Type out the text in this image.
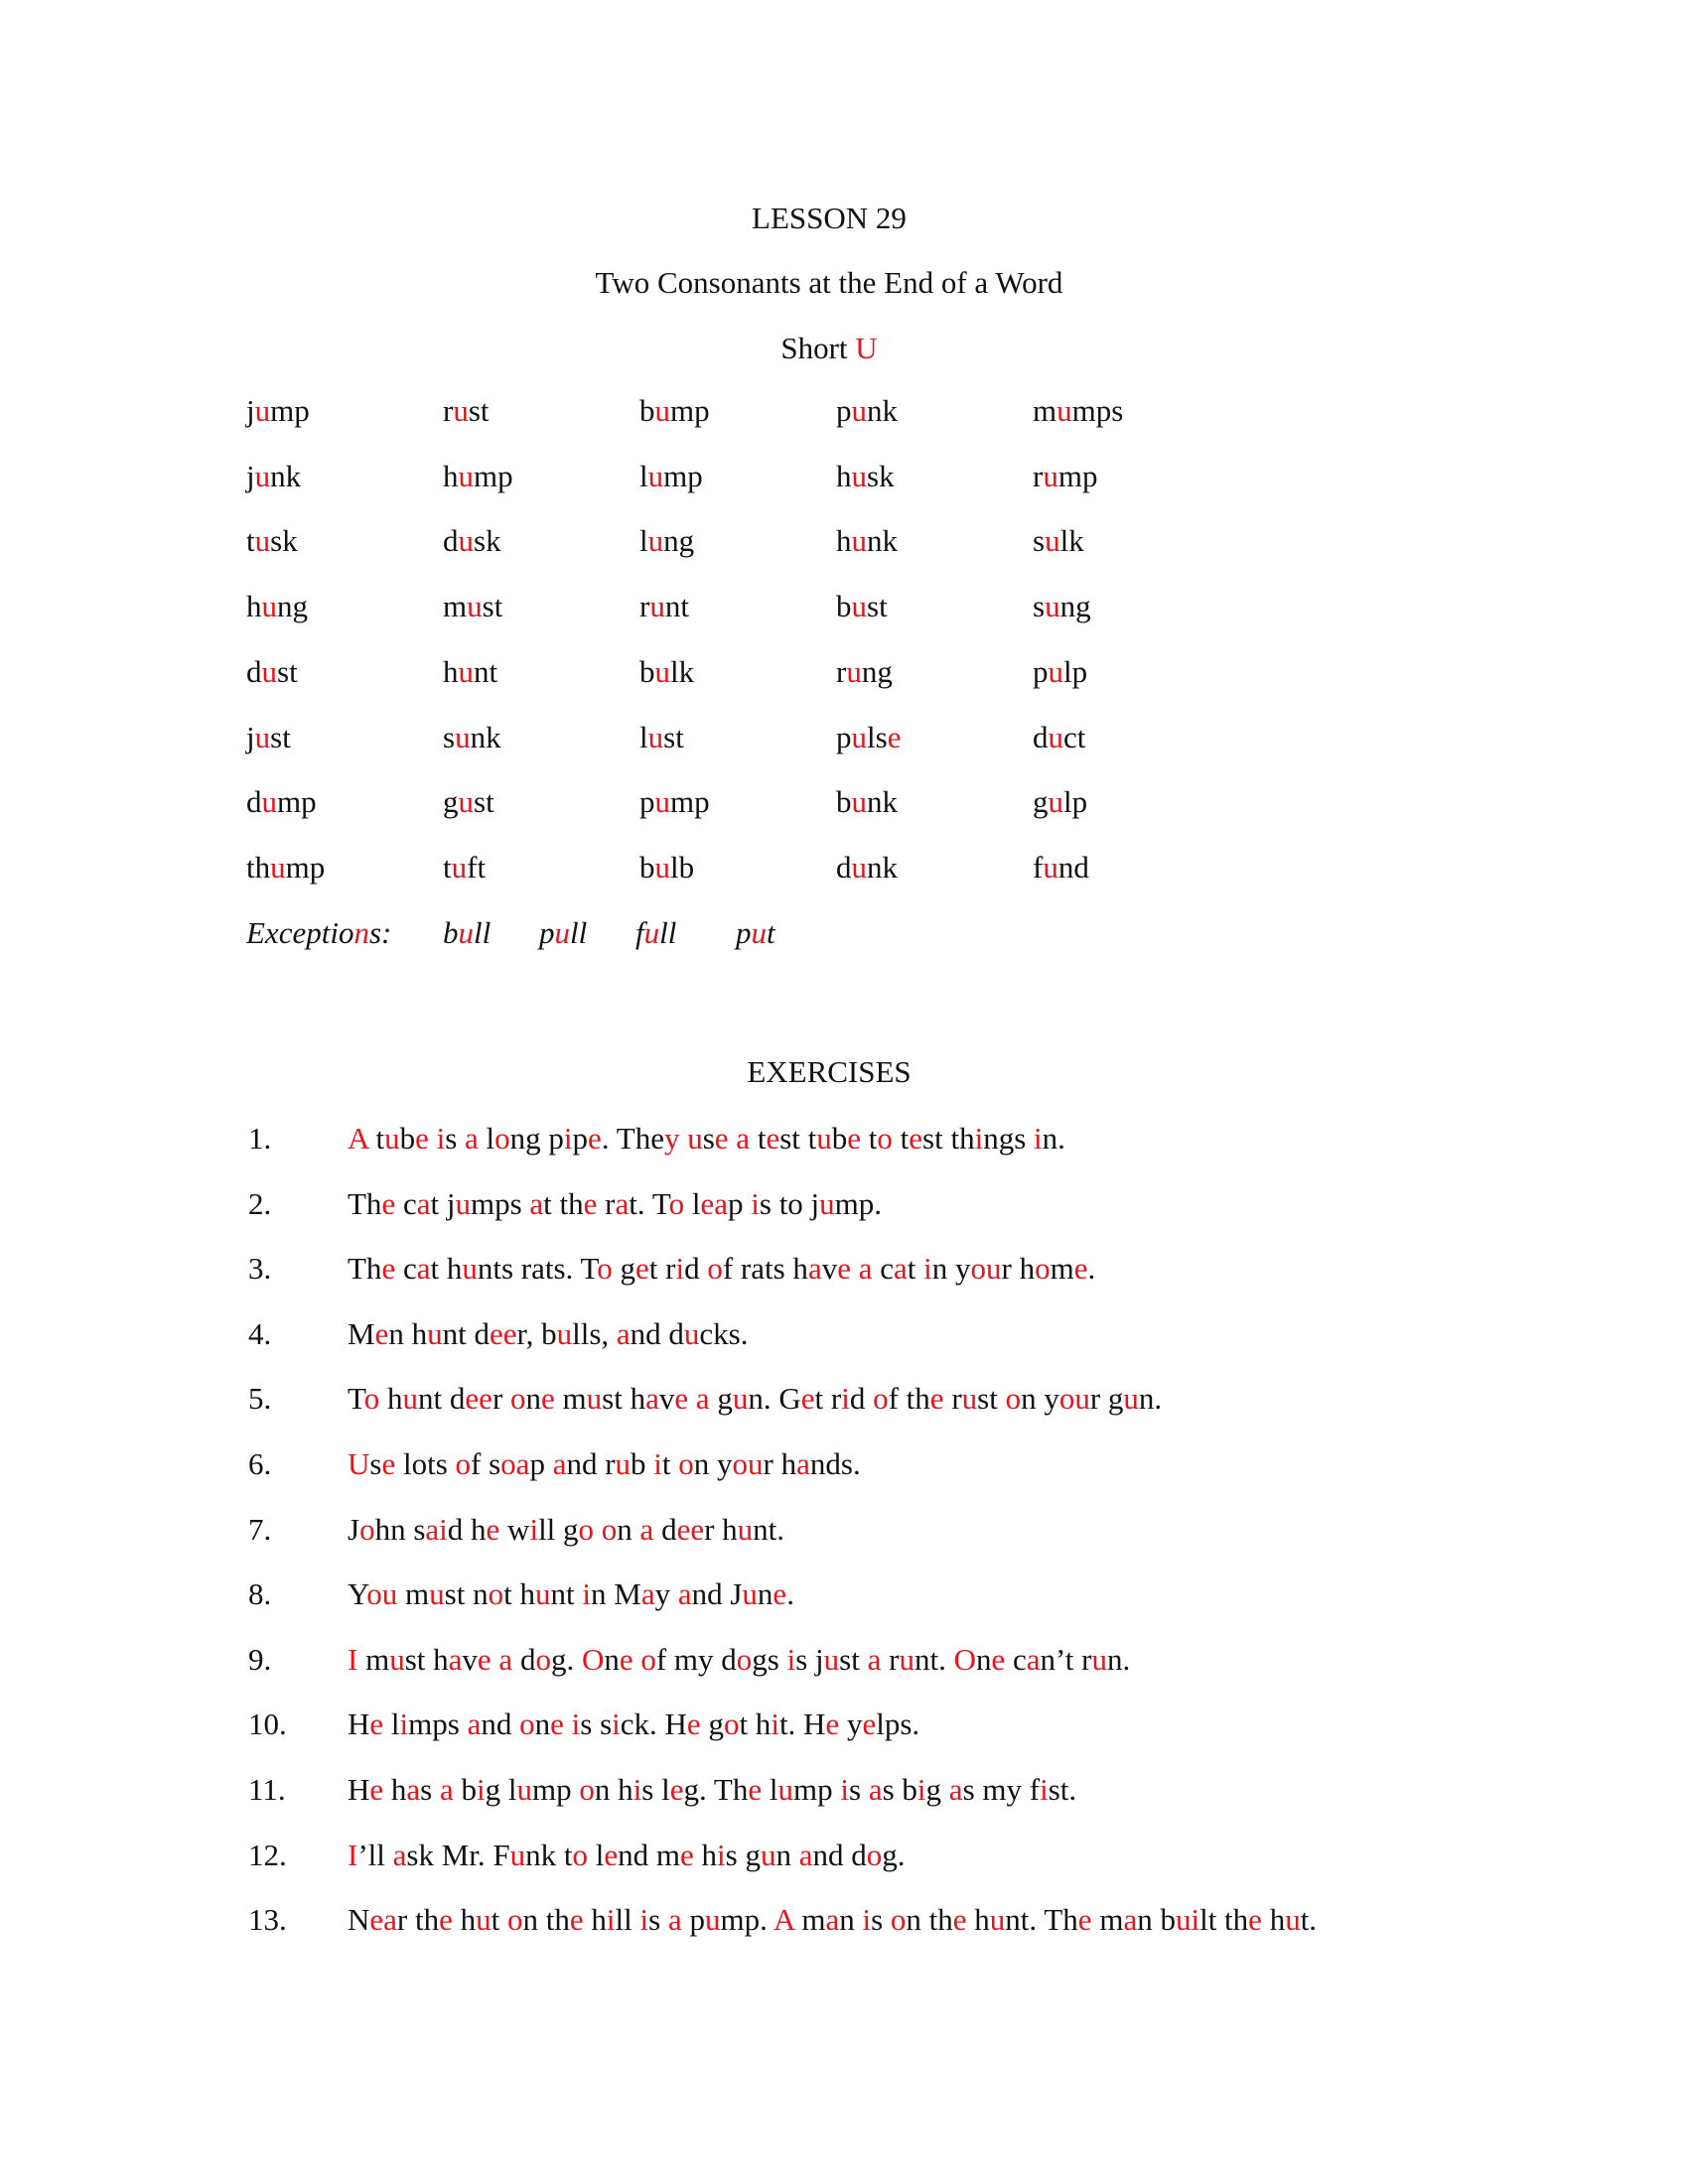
LESSON 29
Two Consonants at the End of a Word
Short U
jump	rust	bump	punk	mumps
junk	hump	lump	husk	rump
tusk	dusk	lung	hunk	sulk
hung	must	runt	bust	sung
dust	hunt	bulk	rung	pulp
just	sunk	lust	pulse	duct
dump	gust	pump	bunk	gulp
thump	tuft	bulb	dunk	fund
Exceptions: bull pull full put
EXERCISES
1. A tube is a long pipe. They use a test tube to test things in.
2. The cat jumps at the rat. To leap is to jump.
3. The cat hunts rats. To get rid of rats have a cat in your home.
4. Men hunt deer, bulls, and ducks.
5. To hunt deer one must have a gun. Get rid of the rust on your gun.
6. Use lots of soap and rub it on your hands.
7. John said he will go on a deer hunt.
8. You must not hunt in May and June.
9. I must have a dog. One of my dogs is just a runt. One can’t run.
10. He limps and one is sick. He got hit. He yelps.
11. He has a big lump on his leg. The lump is as big as my fist.
12. I’ll ask Mr. Funk to lend me his gun and dog.
13. Near the hut on the hill is a pump. A man is on the hunt. The man built the hut.
